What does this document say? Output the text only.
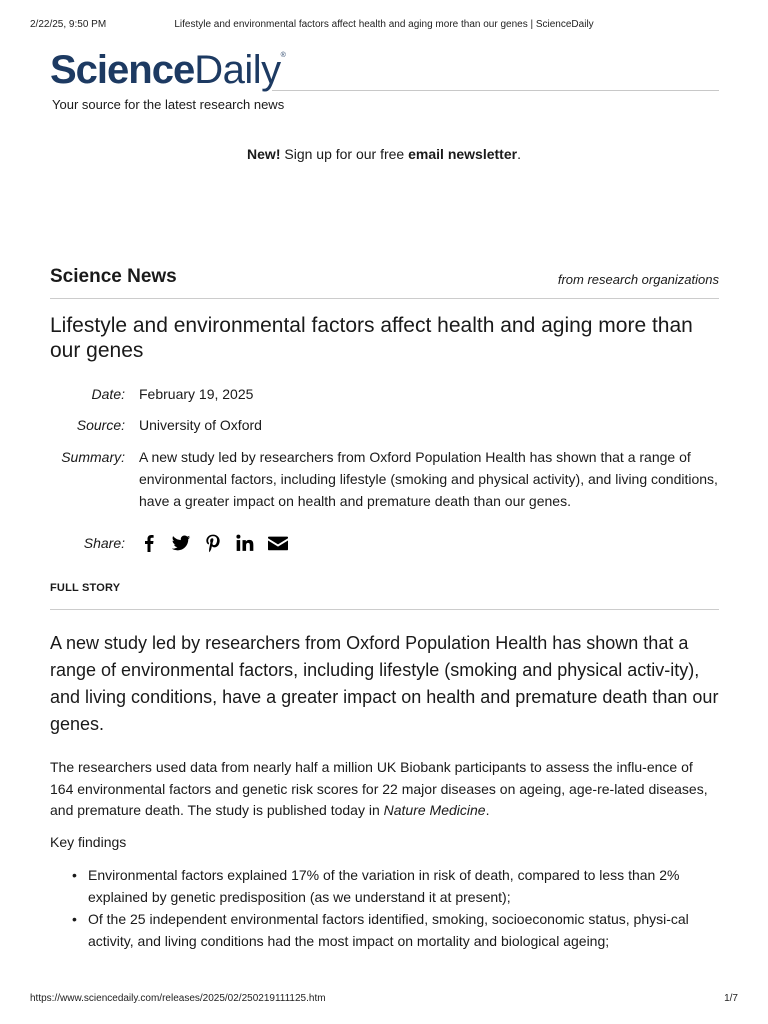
2/22/25, 9:50 PM	Lifestyle and environmental factors affect health and aging more than our genes | ScienceDaily
ScienceDaily®
Your source for the latest research news
New! Sign up for our free email newsletter.
Science News	from research organizations
Lifestyle and environmental factors affect health and aging more than our genes
Date: February 19, 2025
Source: University of Oxford
Summary: A new study led by researchers from Oxford Population Health has shown that a range of environmental factors, including lifestyle (smoking and physical activity), and living conditions, have a greater impact on health and premature death than our genes.
Share:
FULL STORY

A new study led by researchers from Oxford Population Health has shown that a range of environmental factors, including lifestyle (smoking and physical activ-ity), and living conditions, have a greater impact on health and premature death than our genes.

The researchers used data from nearly half a million UK Biobank participants to assess the influ-ence of 164 environmental factors and genetic risk scores for 22 major diseases on ageing, age-re-lated diseases, and premature death. The study is published today in Nature Medicine.

Key findings

• Environmental factors explained 17% of the variation in risk of death, compared to less than 2% explained by genetic predisposition (as we understand it at present);
• Of the 25 independent environmental factors identified, smoking, socioeconomic status, physi-cal activity, and living conditions had the most impact on mortality and biological ageing;
https://www.sciencedaily.com/releases/2025/02/250219111125.htm	1/7
